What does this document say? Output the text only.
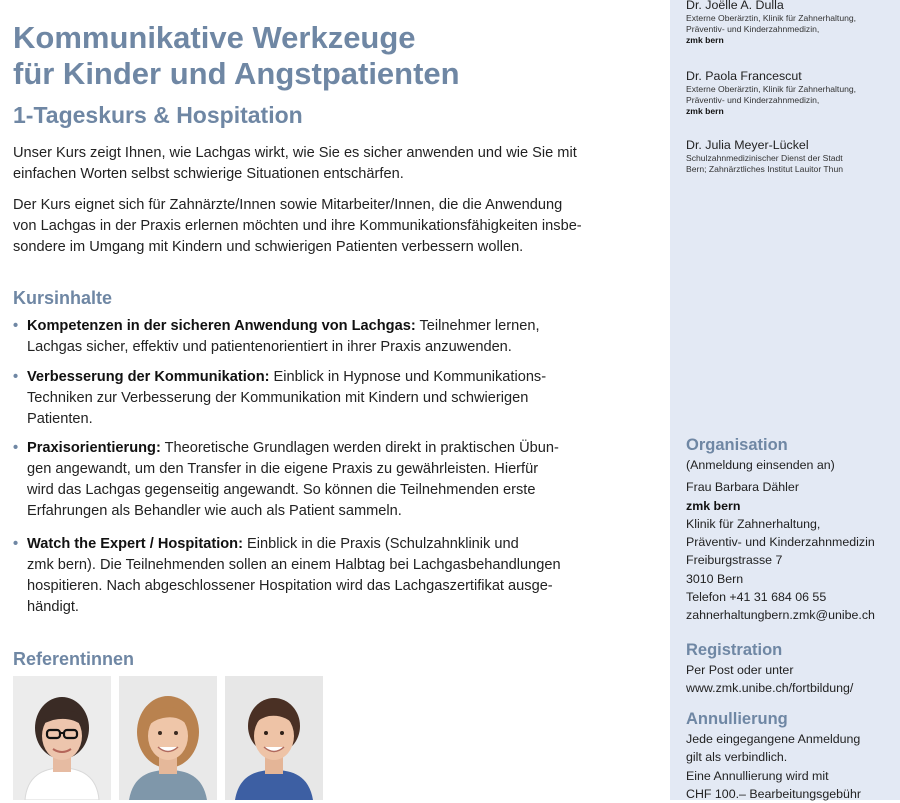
Kommunikative Werkzeuge
für Kinder und Angstpatienten
1-Tageskurs & Hospitation

Unser Kurs zeigt Ihnen, wie Lachgas wirkt, wie Sie es sicher anwenden und wie Sie mit
einfachen Worten selbst schwierige Situationen entschärfen.

Der Kurs eignet sich für Zahnärzte/Innen sowie Mitarbeiter/Innen, die die Anwendung
von Lachgas in der Praxis erlernen möchten und ihre Kommunikationsfähigkeiten insbe-
sondere im Umgang mit Kindern und schwierigen Patienten verbessern wollen.

Kursinhalte
• Kompetenzen in der sicheren Anwendung von Lachgas: Teilnehmer lernen,
Lachgas sicher, effektiv und patientenorientiert in ihrer Praxis anzuwenden.
• Verbesserung der Kommunikation: Einblick in Hypnose und Kommunikations-
Techniken zur Verbesserung der Kommunikation mit Kindern und schwierigen
Patienten.
• Praxisorientierung: Theoretische Grundlagen werden direkt in praktischen Übun-
gen angewandt, um den Transfer in die eigene Praxis zu gewährleisten. Hierfür
wird das Lachgas gegenseitig angewandt. So können die Teilnehmenden erste
Erfahrungen als Behandler wie auch als Patient sammeln.
• Watch the Expert / Hospitation: Einblick in die Praxis (Schulzahnklinik und
zmk bern). Die Teilnehmenden sollen an einem Halbtag bei Lachgasbehandlungen
hospitieren. Nach abgeschlossener Hospitation wird das Lachgaszertifikat ausge-
händigt.
Referentinnen
Dr. Joëlle A. Dulla
Externe Oberärztin, Klinik für Zahnerhaltung,
Präventiv- und Kinderzahnmedizin,
zmk bern
Dr. Paola Francescut
Externe Oberärztin, Klinik für Zahnerhaltung,
Präventiv- und Kinderzahnmedizin,
zmk bern
Dr. Julia Meyer-Lückel
Schulzahnmedizinischer Dienst der Stadt
Bern; Zahnärztliches Institut Lauitor Thun
Organisation
(Anmeldung einsenden an)
Frau Barbara Dähler
zmk bern
Klinik für Zahnerhaltung,
Präventiv- und Kinderzahnmedizin
Freiburgstrasse 7
3010 Bern
Telefon +41 31 684 06 55
zahnerhaltungbern.zmk@unibe.ch
Registration
Per Post oder unter
www.zmk.unibe.ch/fortbildung/
Annullierung
Jede eingegangene Anmeldung
gilt als verbindlich.
Eine Annullierung wird mit
CHF 100.– Bearbeitungsgebühr
